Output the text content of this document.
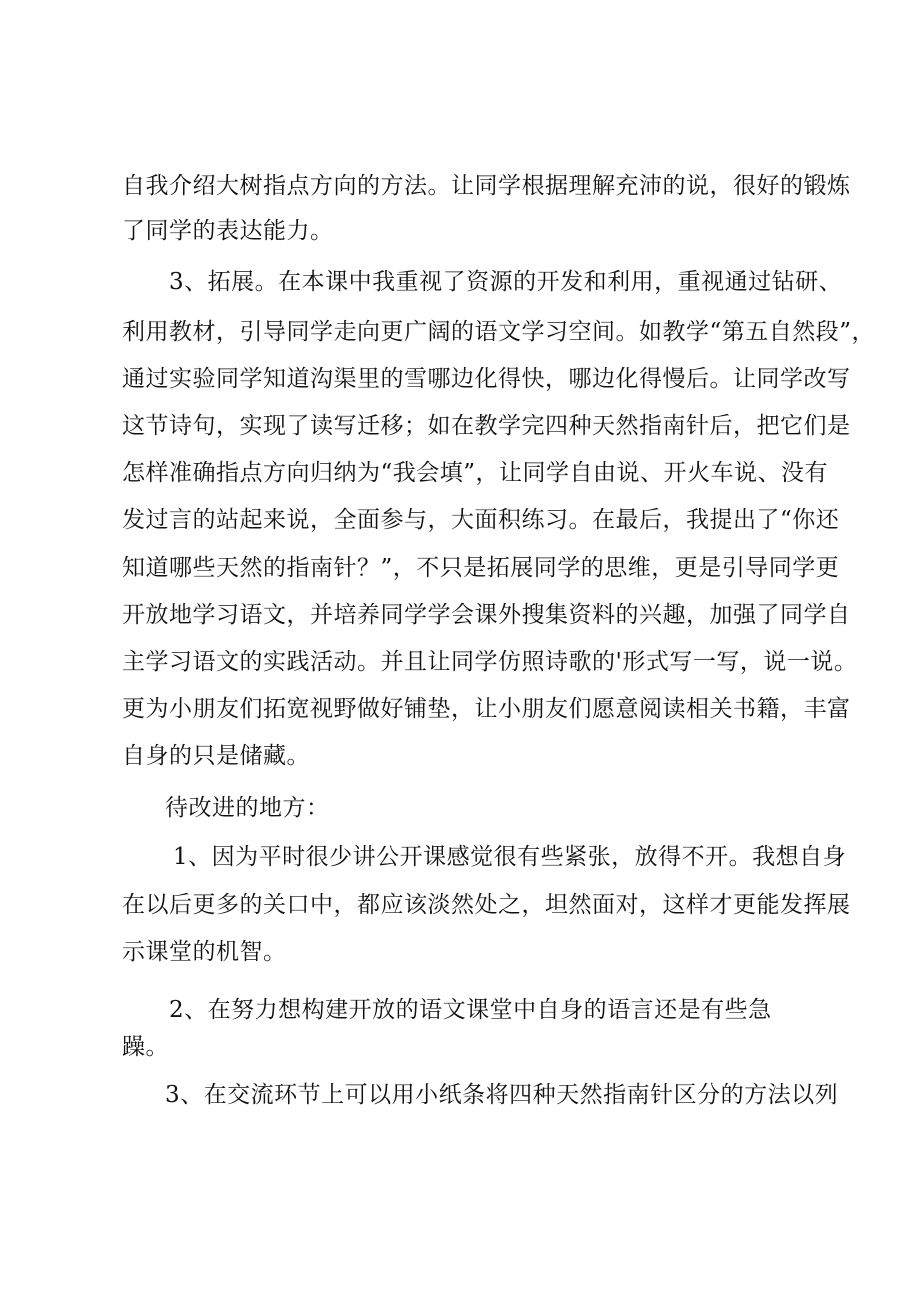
自我介绍大树指点方向的方法。让同学根据理解充沛的说，很好的锻炼
了同学的表达能力。
3、拓展。在本课中我重视了资源的开发和利用，重视通过钻研、
利用教材，引导同学走向更广阔的语文学习空间。如教学“第五自然段”，
通过实验同学知道沟渠里的雪哪边化得快，哪边化得慢后。让同学改写
这节诗句，实现了读写迁移；如在教学完四种天然指南针后，把它们是
怎样准确指点方向归纳为“我会填”，让同学自由说、开火车说、没有
发过言的站起来说，全面参与，大面积练习。在最后，我提出了“你还
知道哪些天然的指南针？”，不只是拓展同学的思维，更是引导同学更
开放地学习语文，并培养同学学会课外搜集资料的兴趣，加强了同学自
主学习语文的实践活动。并且让同学仿照诗歌的'形式写一写，说一说。
更为小朋友们拓宽视野做好铺垫，让小朋友们愿意阅读相关书籍，丰富
自身的只是储藏。
待改进的地方：
1、因为平时很少讲公开课感觉很有些紧张，放得不开。我想自身
在以后更多的关口中，都应该淡然处之，坦然面对，这样才更能发挥展
示课堂的机智。
2、在努力想构建开放的语文课堂中自身的语言还是有些急
躁。
3、在交流环节上可以用小纸条将四种天然指南针区分的方法以列
